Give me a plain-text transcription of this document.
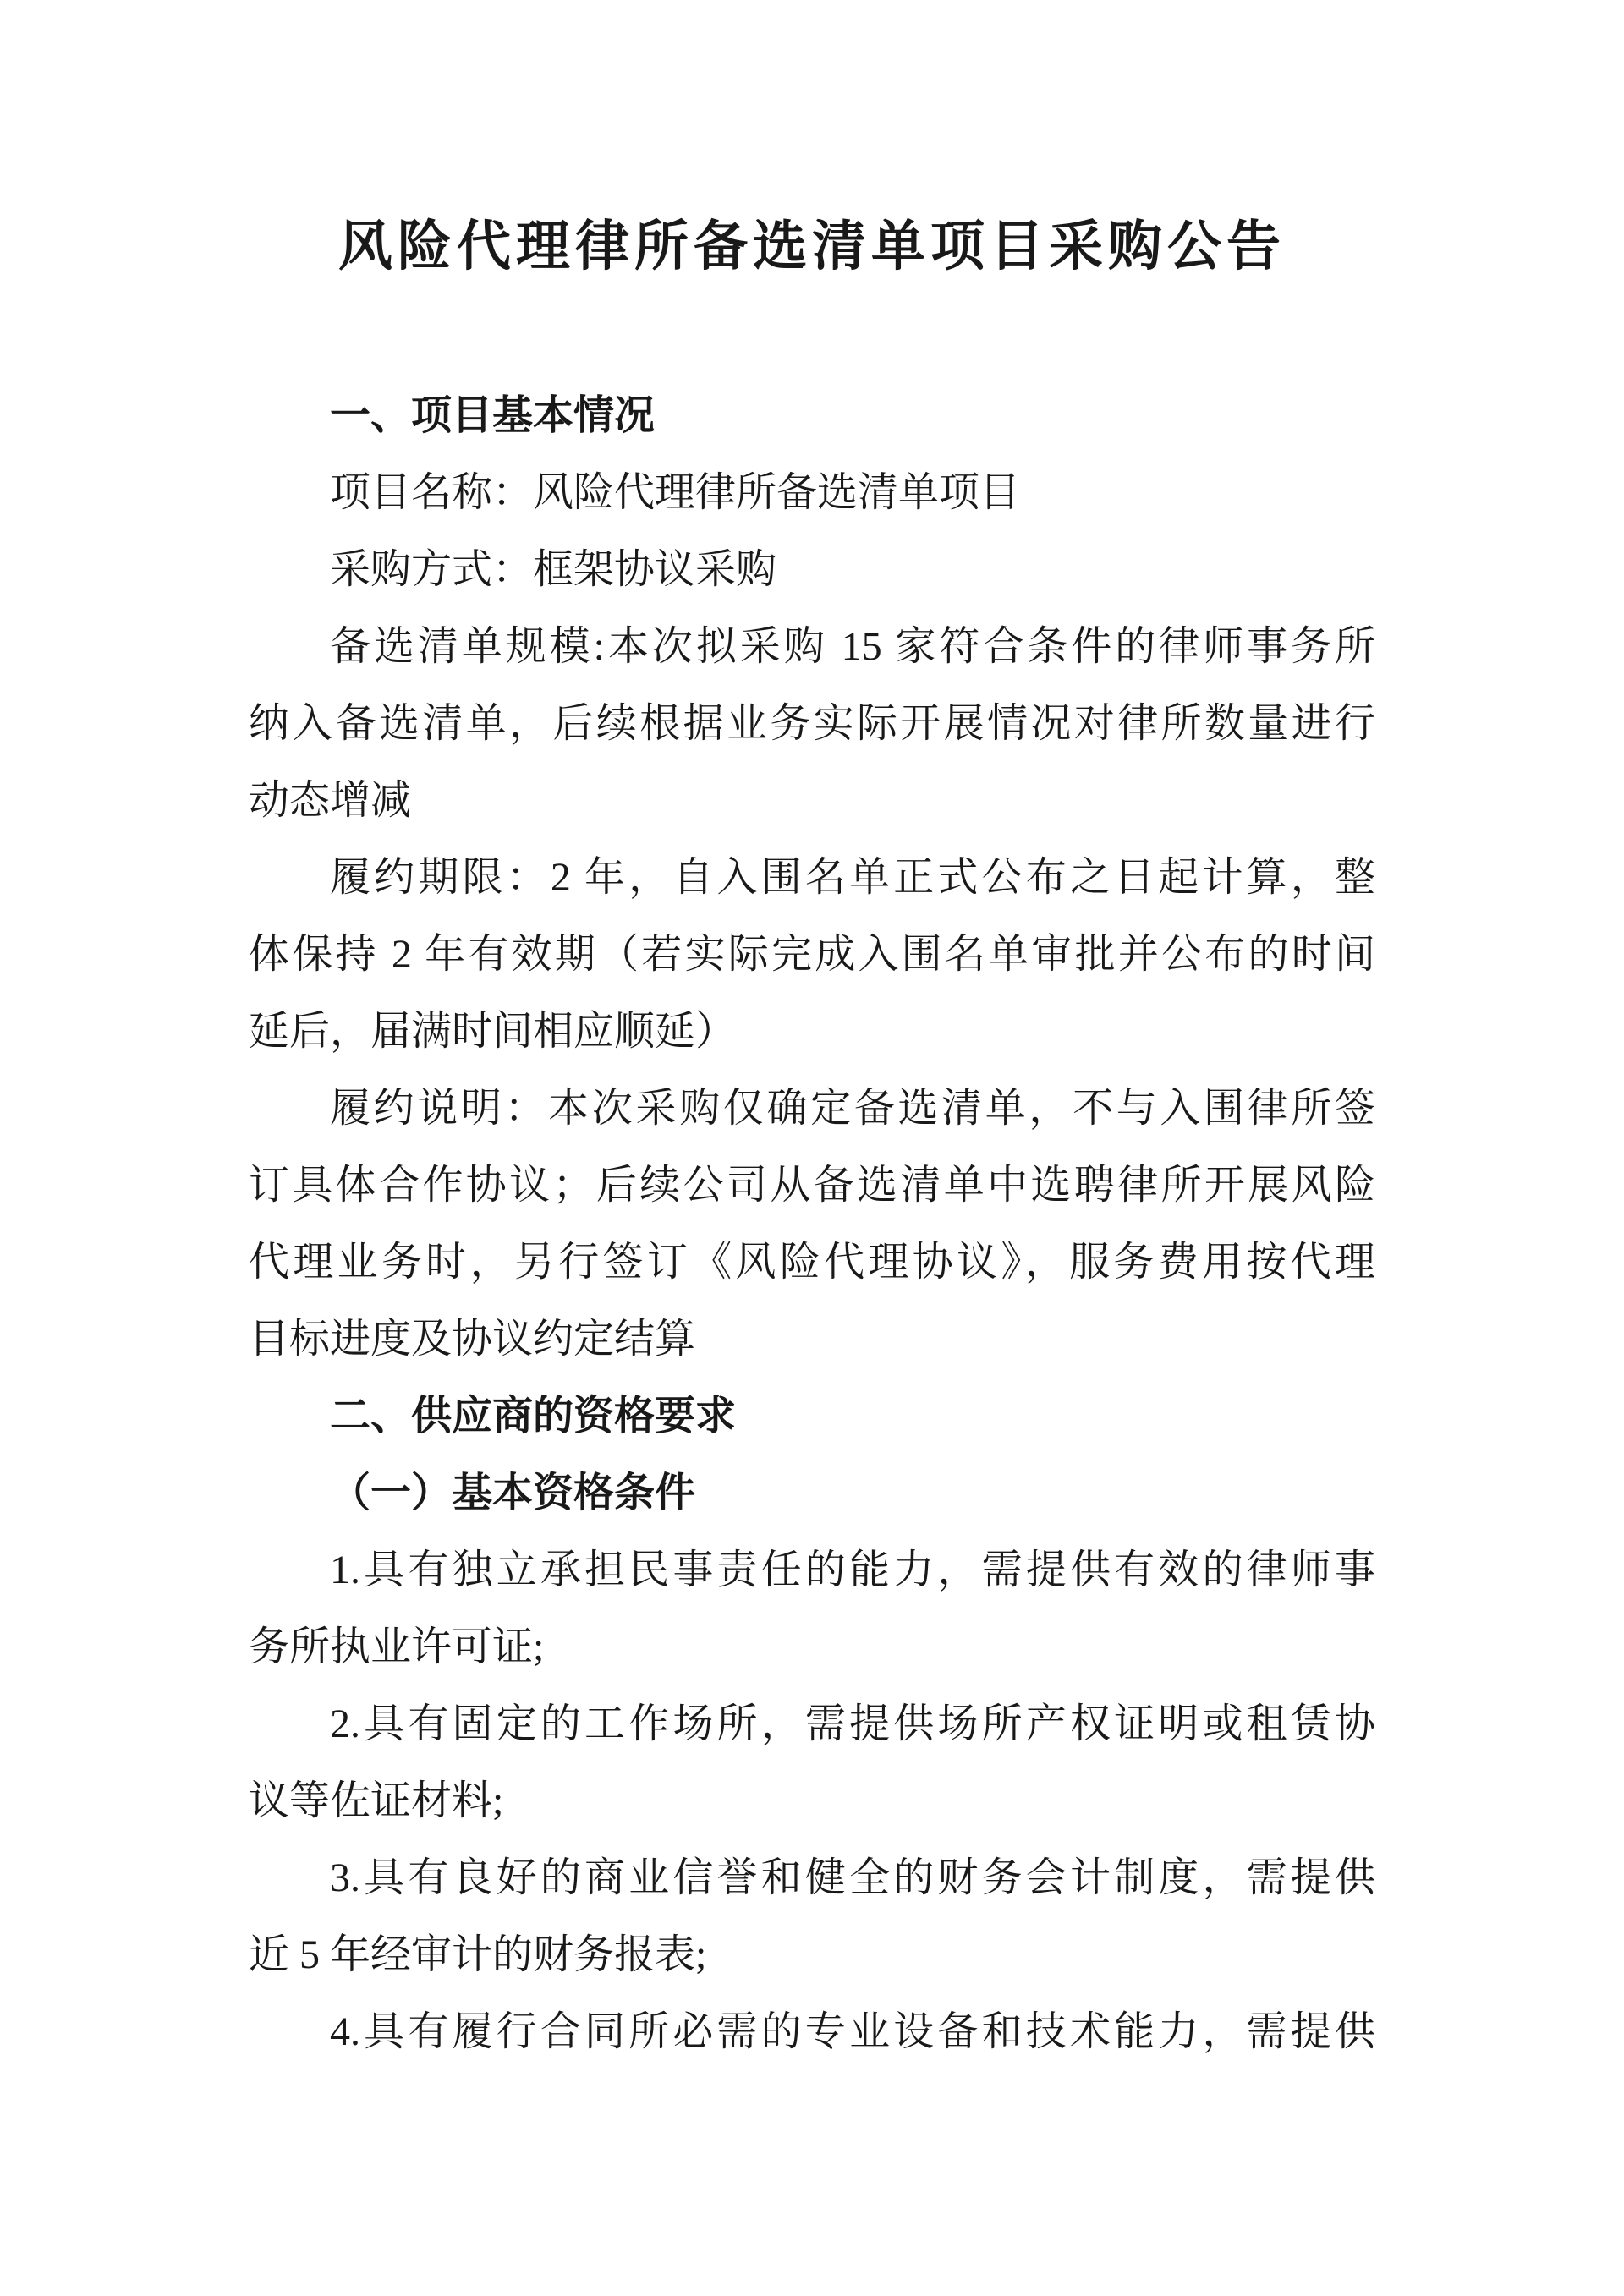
风险代理律所备选清单项目采购公告
一、项目基本情况
项目名称：风险代理律所备选清单项目
采购方式：框架协议采购
备选清单规模:本次拟采购 15 家符合条件的律师事务所
纳入备选清单，后续根据业务实际开展情况对律所数量进行
动态增减
履约期限：2 年，自入围名单正式公布之日起计算，整
体保持 2 年有效期（若实际完成入围名单审批并公布的时间
延后，届满时间相应顺延）
履约说明：本次采购仅确定备选清单，不与入围律所签
订具体合作协议；后续公司从备选清单中选聘律所开展风险
代理业务时，另行签订《风险代理协议》，服务费用按代理
目标进度及协议约定结算
二、供应商的资格要求
（一）基本资格条件
1.具有独立承担民事责任的能力，需提供有效的律师事
务所执业许可证;
2.具有固定的工作场所，需提供场所产权证明或租赁协
议等佐证材料;
3.具有良好的商业信誉和健全的财务会计制度，需提供
近 5 年经审计的财务报表;
4.具有履行合同所必需的专业设备和技术能力，需提供
